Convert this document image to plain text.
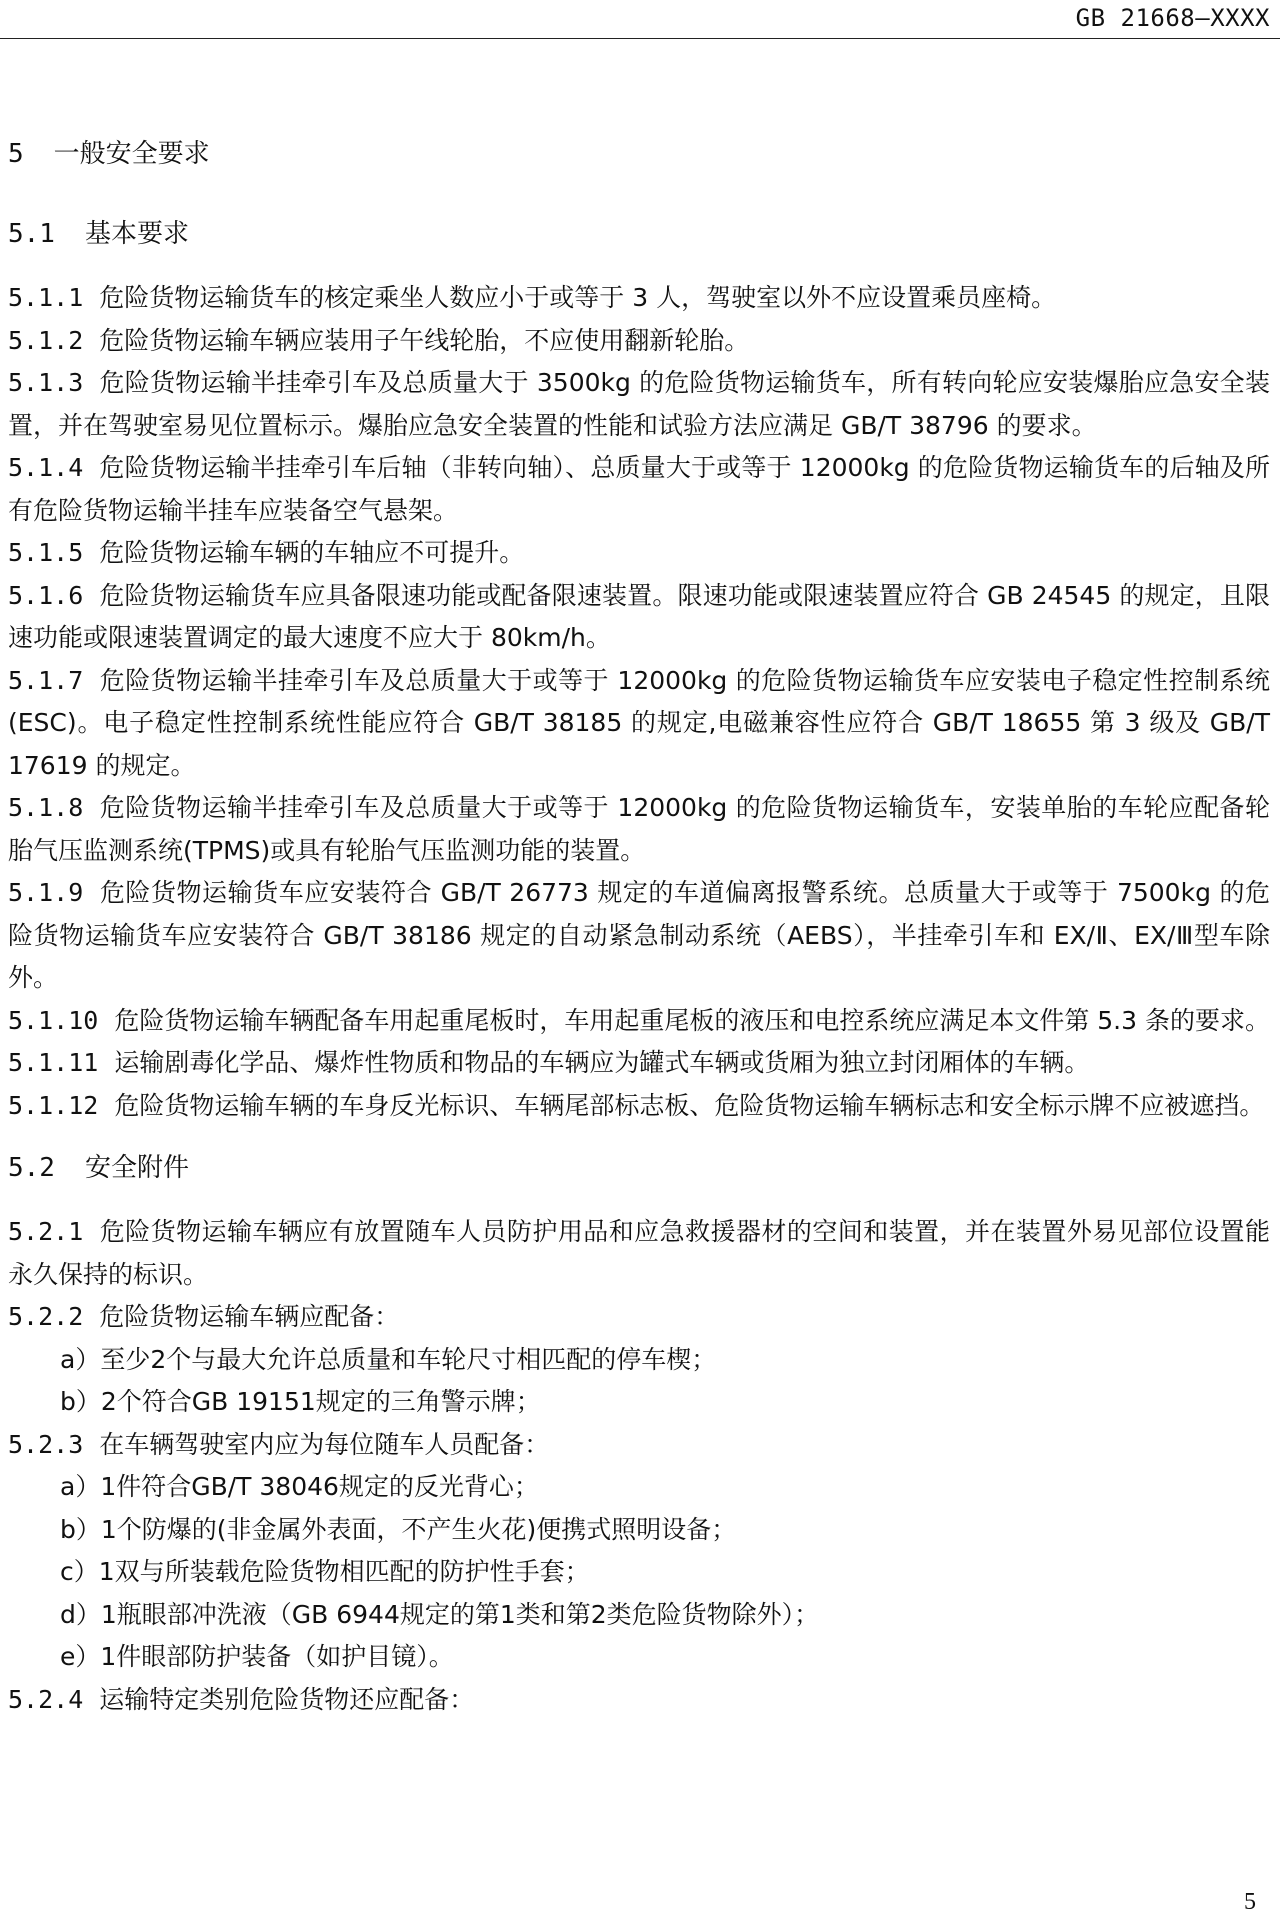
GB 21668—XXXX
5 一般安全要求
5.1 基本要求
5.1.1 危险货物运输货车的核定乘坐人数应小于或等于 3 人，驾驶室以外不应设置乘员座椅。
5.1.2 危险货物运输车辆应装用子午线轮胎，不应使用翻新轮胎。
5.1.3 危险货物运输半挂牵引车及总质量大于 3500kg 的危险货物运输货车，所有转向轮应安装爆胎应急安全装置，并在驾驶室易见位置标示。爆胎应急安全装置的性能和试验方法应满足 GB/T 38796 的要求。
5.1.4 危险货物运输半挂牵引车后轴（非转向轴）、总质量大于或等于 12000kg 的危险货物运输货车的后轴及所有危险货物运输半挂车应装备空气悬架。
5.1.5 危险货物运输车辆的车轴应不可提升。
5.1.6 危险货物运输货车应具备限速功能或配备限速装置。限速功能或限速装置应符合 GB 24545 的规定，且限速功能或限速装置调定的最大速度不应大于 80km/h。
5.1.7 危险货物运输半挂牵引车及总质量大于或等于 12000kg 的危险货物运输货车应安装电子稳定性控制系统(ESC)。电子稳定性控制系统性能应符合 GB/T 38185 的规定,电磁兼容性应符合 GB/T 18655 第 3 级及 GB/T 17619 的规定。
5.1.8 危险货物运输半挂牵引车及总质量大于或等于 12000kg 的危险货物运输货车，安装单胎的车轮应配备轮胎气压监测系统(TPMS)或具有轮胎气压监测功能的装置。
5.1.9 危险货物运输货车应安装符合 GB/T 26773 规定的车道偏离报警系统。总质量大于或等于 7500kg 的危险货物运输货车应安装符合 GB/T 38186 规定的自动紧急制动系统（AEBS），半挂牵引车和 EX/Ⅱ、EX/Ⅲ型车除外。
5.1.10 危险货物运输车辆配备车用起重尾板时，车用起重尾板的液压和电控系统应满足本文件第 5.3 条的要求。
5.1.11 运输剧毒化学品、爆炸性物质和物品的车辆应为罐式车辆或货厢为独立封闭厢体的车辆。
5.1.12 危险货物运输车辆的车身反光标识、车辆尾部标志板、危险货物运输车辆标志和安全标示牌不应被遮挡。
5.2 安全附件
5.2.1 危险货物运输车辆应有放置随车人员防护用品和应急救援器材的空间和装置，并在装置外易见部位设置能永久保持的标识。
5.2.2 危险货物运输车辆应配备：
a）至少2个与最大允许总质量和车轮尺寸相匹配的停车楔；
b）2个符合GB 19151规定的三角警示牌；
5.2.3 在车辆驾驶室内应为每位随车人员配备：
a）1件符合GB/T 38046规定的反光背心；
b）1个防爆的(非金属外表面，不产生火花)便携式照明设备；
c）1双与所装载危险货物相匹配的防护性手套；
d）1瓶眼部冲洗液（GB 6944规定的第1类和第2类危险货物除外）；
e）1件眼部防护装备（如护目镜）。
5.2.4 运输特定类别危险货物还应配备：
5
